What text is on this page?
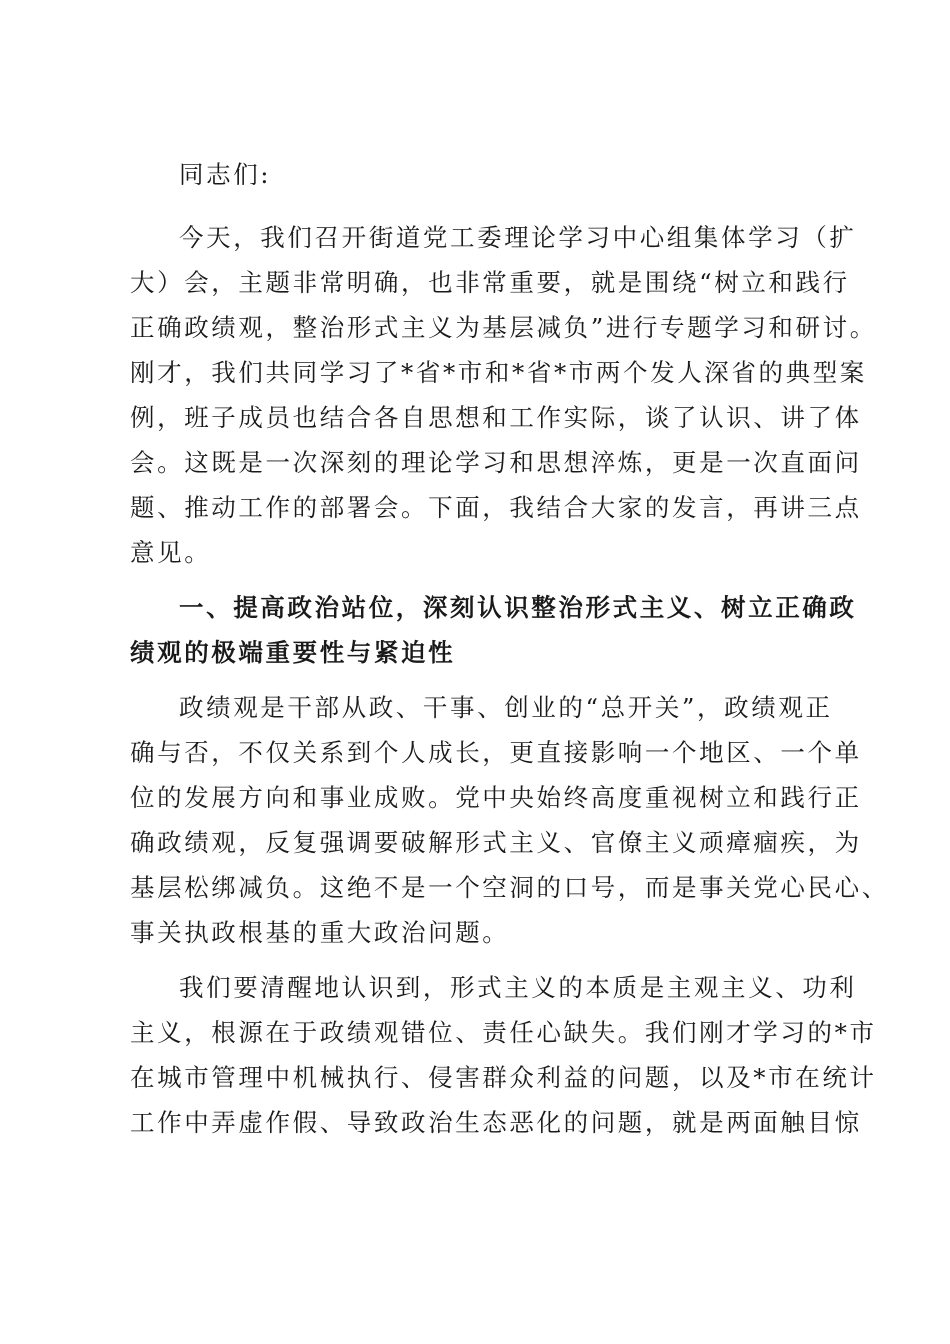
同志们:
今天，我们召开街道党工委理论学习中心组集体学习（扩
大）会，主题非常明确，也非常重要，就是围绕“树立和践行
正确政绩观，整治形式主义为基层减负”进行专题学习和研讨。
刚才，我们共同学习了*省*市和*省*市两个发人深省的典型案
例，班子成员也结合各自思想和工作实际，谈了认识、讲了体
会。这既是一次深刻的理论学习和思想淬炼，更是一次直面问
题、推动工作的部署会。下面，我结合大家的发言，再讲三点
意见。
一、提高政治站位，深刻认识整治形式主义、树立正确政
绩观的极端重要性与紧迫性
政绩观是干部从政、干事、创业的“总开关”，政绩观正
确与否，不仅关系到个人成长，更直接影响一个地区、一个单
位的发展方向和事业成败。党中央始终高度重视树立和践行正
确政绩观，反复强调要破解形式主义、官僚主义顽瘴痼疾，为
基层松绑减负。这绝不是一个空洞的口号，而是事关党心民心、
事关执政根基的重大政治问题。
我们要清醒地认识到，形式主义的本质是主观主义、功利
主义，根源在于政绩观错位、责任心缺失。我们刚才学习的*市
在城市管理中机械执行、侵害群众利益的问题，以及*市在统计
工作中弄虚作假、导致政治生态恶化的问题，就是两面触目惊
